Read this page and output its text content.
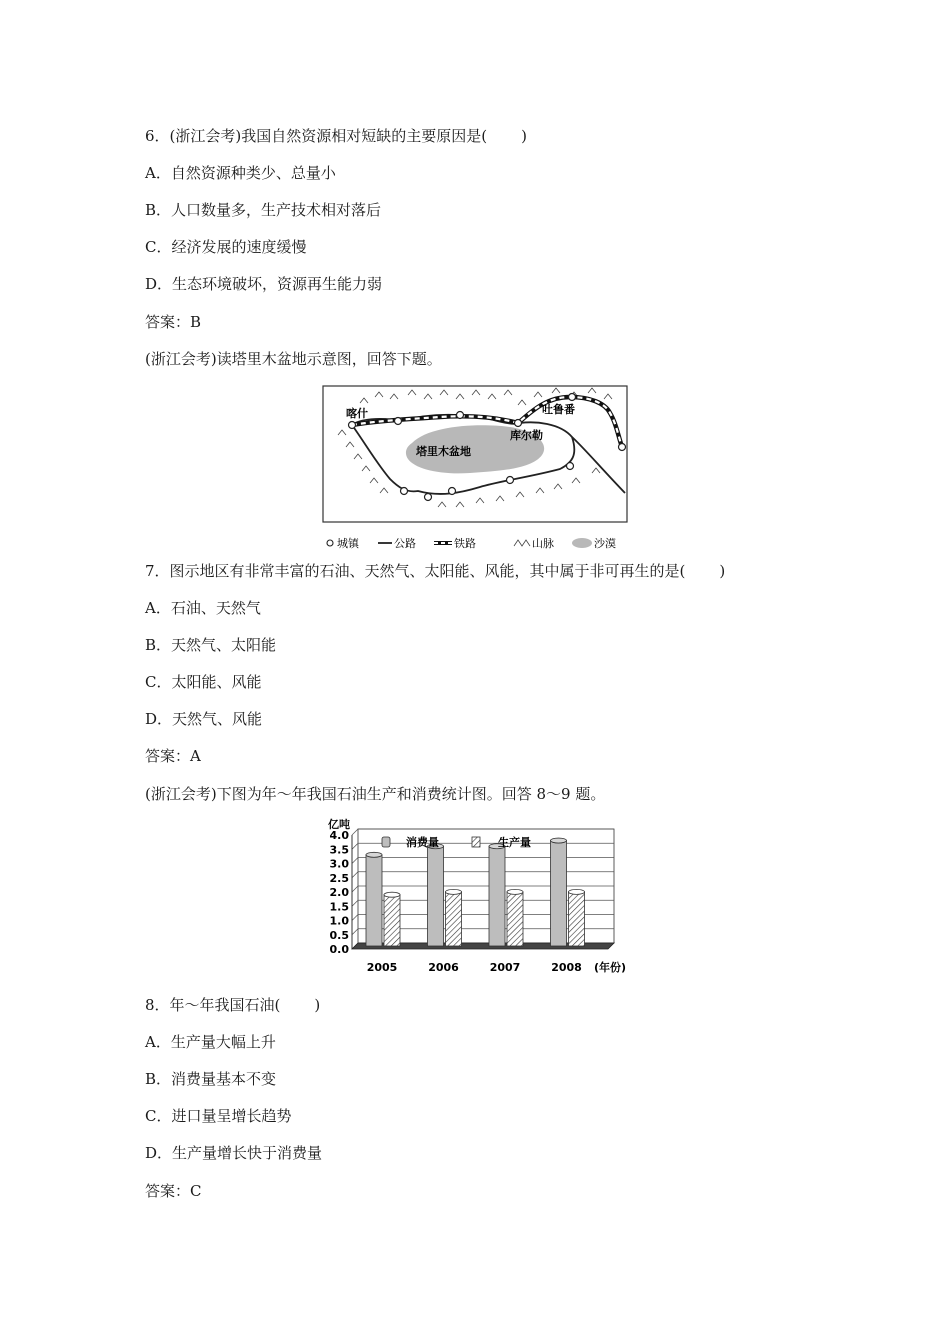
6．(浙江会考)我国自然资源相对短缺的主要原因是( )
A．自然资源种类少、总量小
B．人口数量多，生产技术相对落后
C．经济发展的速度缓慢
D．生态环境破坏，资源再生能力弱
答案：B
(浙江会考)读塔里木盆地示意图，回答下题。
喀什	吐鲁番
库尔勒
塔里木盆地
城镇	公路	铁路	山脉	沙漠
7．图示地区有非常丰富的石油、天然气、太阳能、风能，其中属于非可再生的是( )
A．石油、天然气
B．天然气、太阳能
C．太阳能、风能
D．天然气、风能
答案：A
(浙江会考)下图为年～年我国石油生产和消费统计图。回答 8～9 题。
亿吨
0.0
0.5
1.0
1.5
2.0
2.5
3.0
3.5
4.0
2005	2006	2007	2008
消费量	生产量
(年份)
8．年～年我国石油( )
A．生产量大幅上升
B．消费量基本不变
C．进口量呈增长趋势
D．生产量增长快于消费量
答案：C
